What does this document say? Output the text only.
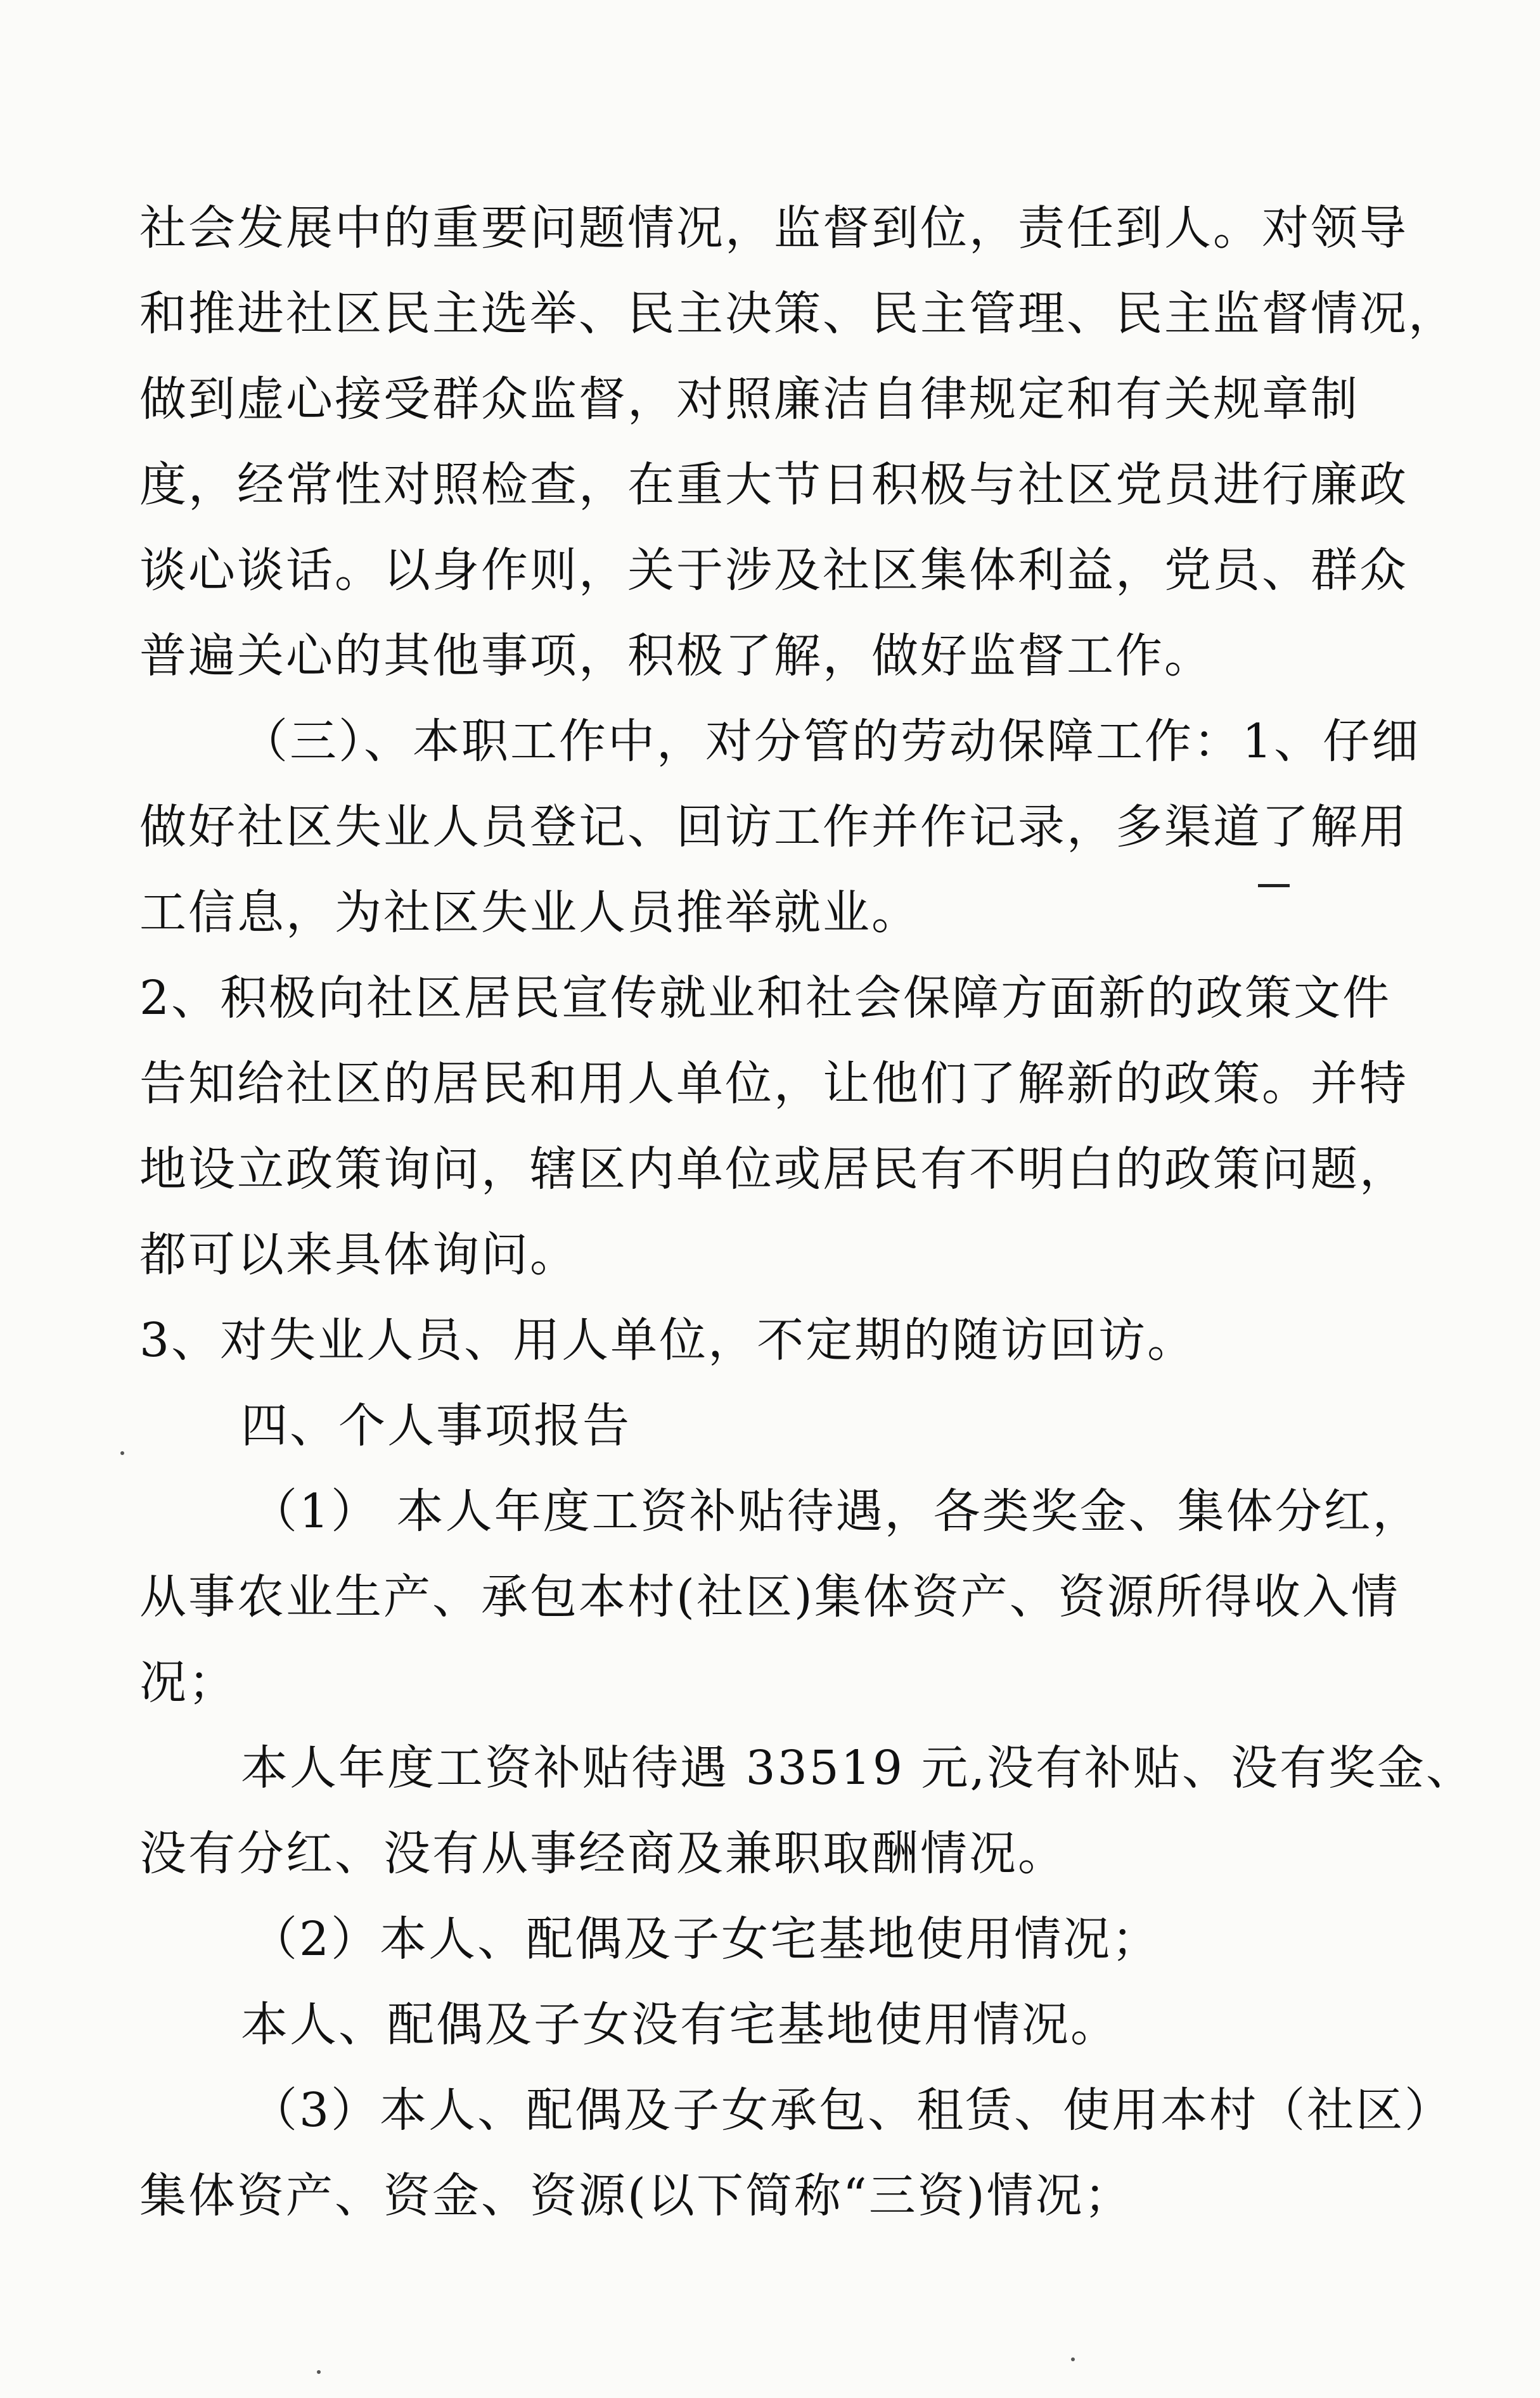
社会发展中的重要问题情况，监督到位，责任到人。对领导
和推进社区民主选举、民主决策、民主管理、民主监督情况，
做到虚心接受群众监督，对照廉洁自律规定和有关规章制
度，经常性对照检查，在重大节日积极与社区党员进行廉政
谈心谈话。以身作则，关于涉及社区集体利益，党员、群众
普遍关心的其他事项，积极了解，做好监督工作。
（三）、本职工作中，对分管的劳动保障工作：1、仔细
做好社区失业人员登记、回访工作并作记录，多渠道了解用
工信息，为社区失业人员推举就业。
2、积极向社区居民宣传就业和社会保障方面新的政策文件
告知给社区的居民和用人单位，让他们了解新的政策。并特
地设立政策询问，辖区内单位或居民有不明白的政策问题，
都可以来具体询问。
3、对失业人员、用人单位，不定期的随访回访。
四、个人事项报告
（1） 本人年度工资补贴待遇，各类奖金、集体分红，
从事农业生产、承包本村(社区)集体资产、资源所得收入情
况；
本人年度工资补贴待遇 33519 元,没有补贴、没有奖金、
没有分红、没有从事经商及兼职取酬情况。
（2）本人、配偶及子女宅基地使用情况；
本人、配偶及子女没有宅基地使用情况。
（3）本人、配偶及子女承包、租赁、使用本村（社区）
集体资产、资金、资源(以下简称“三资)情况；
